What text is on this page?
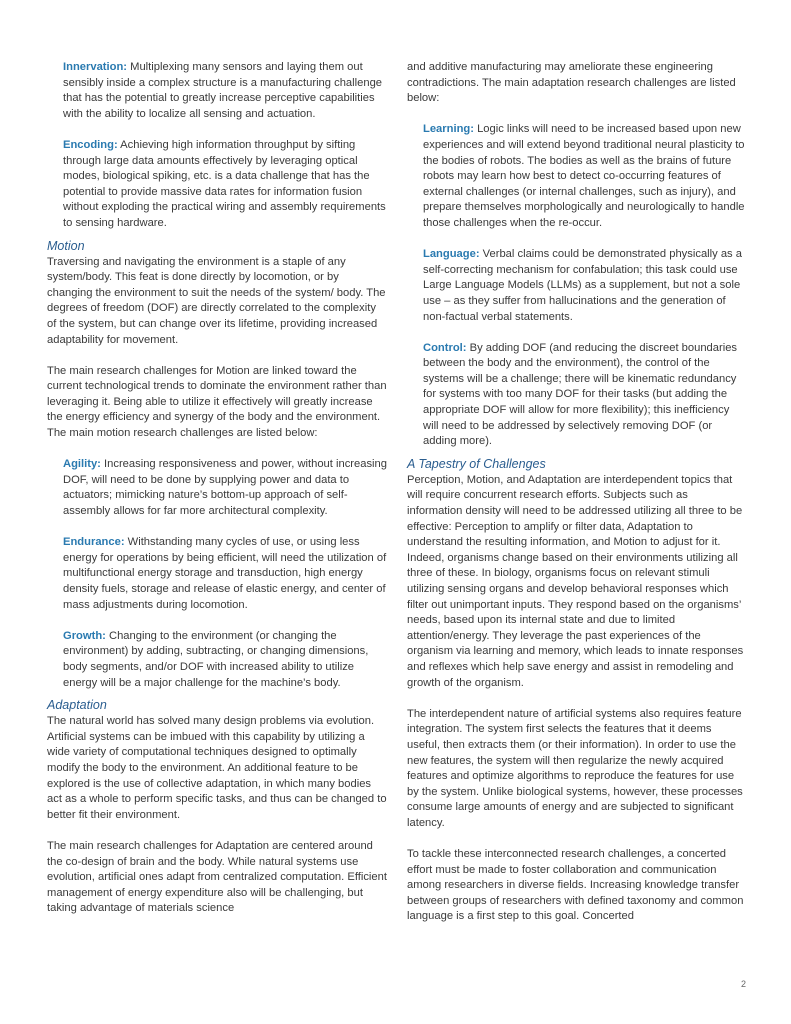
Innervation: Multiplexing many sensors and laying them out sensibly inside a complex structure is a manufacturing challenge that has the potential to greatly increase perceptive capabilities with the ability to localize all sensing and actuation.

Encoding: Achieving high information throughput by sifting through large data amounts effectively by leveraging optical modes, biological spiking, etc. is a data challenge that has the potential to provide massive data rates for information fusion without exploding the practical wiring and assembly requirements to sensing hardware.

Motion

Traversing and navigating the environment is a staple of any system/body. This feat is done directly by locomotion, or by changing the environment to suit the needs of the system/ body. The degrees of freedom (DOF) are directly correlated to the complexity of the system, but can change over its lifetime, providing increased adaptability for movement.

The main research challenges for Motion are linked toward the current technological trends to dominate the environment rather than leveraging it. Being able to utilize it effectively will greatly increase the energy efficiency and synergy of the body and the environment. The main motion research challenges are listed below:

Agility: Increasing responsiveness and power, without increasing DOF, will need to be done by supplying power and data to actuators; mimicking nature’s bottom-up approach of self-assembly allows for far more architectural complexity.

Endurance: Withstanding many cycles of use, or using less energy for operations by being efficient, will need the utilization of multifunctional energy storage and transduction, high energy density fuels, storage and release of elastic energy, and center of mass adjustments during locomotion.

Growth: Changing to the environment (or changing the environment) by adding, subtracting, or changing dimensions, body segments, and/or DOF with increased ability to utilize energy will be a major challenge for the machine’s body.

Adaptation

The natural world has solved many design problems via evolution. Artificial systems can be imbued with this capability by utilizing a wide variety of computational techniques designed to optimally modify the body to the environment. An additional feature to be explored is the use of collective adaptation, in which many bodies act as a whole to perform specific tasks, and thus can be changed to better fit their environment.

The main research challenges for Adaptation are centered around the co-design of brain and the body. While natural systems use evolution, artificial ones adapt from centralized computation. Efficient management of energy expenditure also will be challenging, but taking advantage of materials science

and additive manufacturing may ameliorate these engineering contradictions. The main adaptation research challenges are listed below:

Learning: Logic links will need to be increased based upon new experiences and will extend beyond traditional neural plasticity to the bodies of robots. The bodies as well as the brains of future robots may learn how best to detect co-occurring features of external challenges (or internal challenges, such as injury), and prepare themselves morphologically and neurologically to handle those challenges when the re-occur.

Language: Verbal claims could be demonstrated physically as a self-correcting mechanism for confabulation; this task could use Large Language Models (LLMs) as a supplement, but not a sole use – as they suffer from hallucinations and the generation of non-factual verbal statements.

Control: By adding DOF (and reducing the discreet boundaries between the body and the environment), the control of the systems will be a challenge; there will be kinematic redundancy for systems with too many DOF for their tasks (but adding the appropriate DOF will allow for more flexibility); this inefficiency will need to be addressed by selectively removing DOF (or adding more).

A Tapestry of Challenges

Perception, Motion, and Adaptation are interdependent topics that will require concurrent research efforts. Subjects such as information density will need to be addressed utilizing all three to be effective: Perception to amplify or filter data, Adaptation to understand the resulting information, and Motion to adjust for it. Indeed, organisms change based on their environments utilizing all three of these. In biology, organisms focus on relevant stimuli utilizing sensing organs and develop behavioral responses which filter out unimportant inputs. They respond based on the organisms’ needs, based upon its internal state and due to limited attention/energy. They leverage the past experiences of the organism via learning and memory, which leads to innate responses and reflexes which help save energy and assist in remodeling and growth of the organism.

The interdependent nature of artificial systems also requires feature integration. The system first selects the features that it deems useful, then extracts them (or their information). In order to use the new features, the system will then regularize the newly acquired features and optimize algorithms to reproduce the features for use by the system. Unlike biological systems, however, these processes consume large amounts of energy and are subjected to significant latency.

To tackle these interconnected research challenges, a concerted effort must be made to foster collaboration and communication among researchers in diverse fields. Increasing knowledge transfer between groups of researchers with defined taxonomy and common language is a first step to this goal. Concerted

2
